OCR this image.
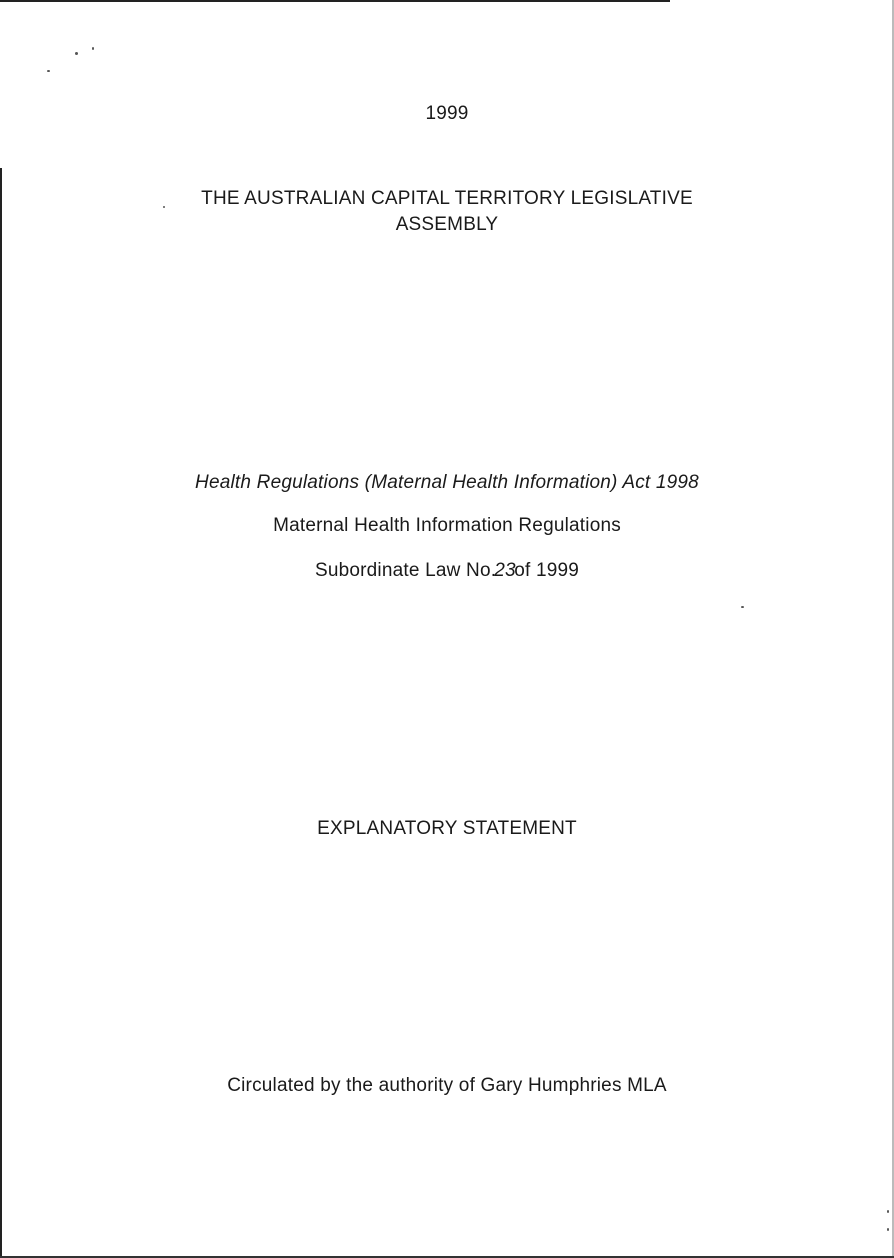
1999
THE AUSTRALIAN CAPITAL TERRITORY LEGISLATIVE
ASSEMBLY
Health Regulations (Maternal Health Information) Act 1998
Maternal Health Information Regulations
Subordinate Law No.
23
of 1999
EXPLANATORY STATEMENT
Circulated by the authority of Gary Humphries MLA
